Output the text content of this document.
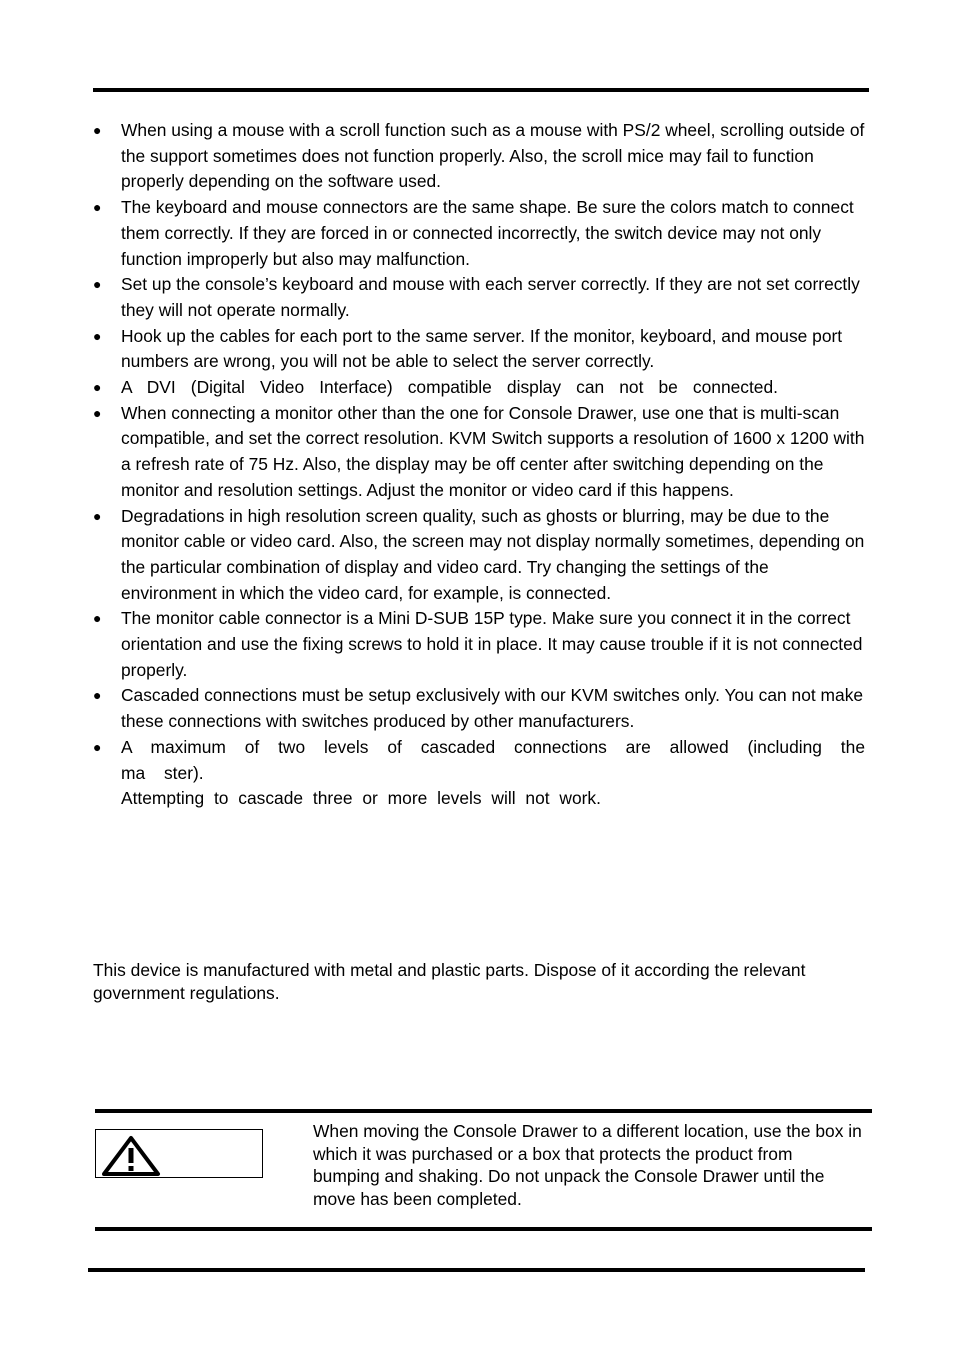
●	When using a mouse with a scroll function such as a mouse with PS/2 wheel, scrolling outside of the support sometimes does not function properly. Also, the scroll mice may fail to function properly depending on the software used.
●	The keyboard and mouse connectors are the same shape. Be sure the colors match to connect them correctly. If they are forced in or connected incorrectly, the switch device may not only function improperly but also may malfunction.
●	Set up the console’s keyboard and mouse with each server correctly. If they are not set correctly they will not operate normally.
●	Hook up the cables for each port to the same server. If the monitor, keyboard, and mouse port numbers are wrong, you will not be able to select the server correctly.
●	A DVI (Digital Video Interface) compatible display can not be connected.
●	When connecting a monitor other than the one for Console Drawer, use one that is multi-scan compatible, and set the correct resolution. KVM Switch supports a resolution of 1600 x 1200 with a refresh rate of 75 Hz. Also, the display may be off center after switching depending on the monitor and resolution settings. Adjust the monitor or video card if this happens.
●	Degradations in high resolution screen quality, such as ghosts or blurring, may be due to the monitor cable or video card. Also, the screen may not display normally sometimes, depending on the particular combination of display and video card. Try changing the settings of the environment in which the video card, for example, is connected.
●	The monitor cable connector is a Mini D-SUB 15P type. Make sure you connect it in the correct orientation and use the fixing screws to hold it in place. It may cause trouble if it is not connected properly.
●	Cascaded connections must be setup exclusively with our KVM switches only. You can not make these connections with switches produced by other manufacturers.
●	A maximum of two levels of cascaded connections are allowed (including the ma ster).
Attempting to cascade three or more levels will not work.

This device is manufactured with metal and plastic parts. Dispose of it according the relevant government regulations.

When moving the Console Drawer to a different location, use the box in which it was purchased or a box that protects the product from bumping and shaking. Do not unpack the Console Drawer until the move has been completed.
